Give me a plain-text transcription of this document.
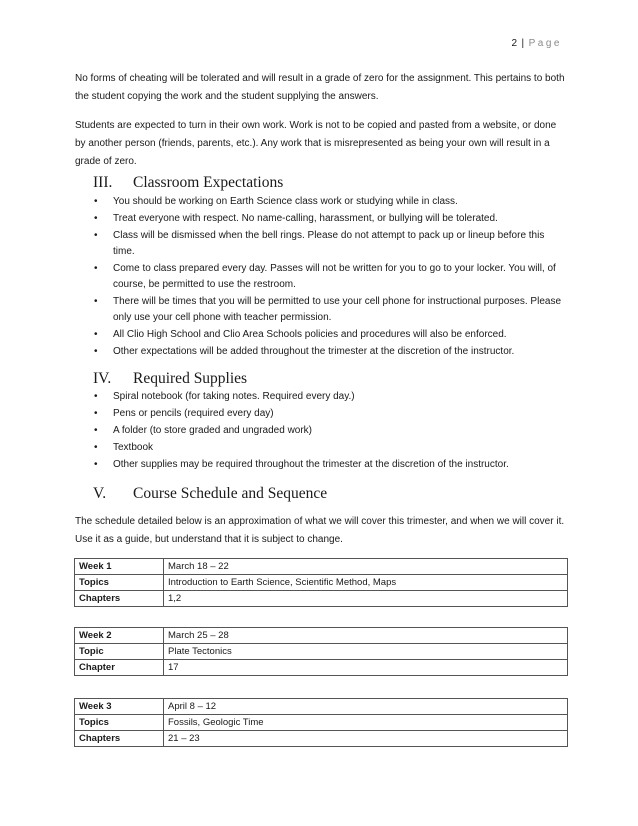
2 | Page

No forms of cheating will be tolerated and will result in a grade of zero for the assignment. This pertains to both the student copying the work and the student supplying the answers.

Students are expected to turn in their own work. Work is not to be copied and pasted from a website, or done by another person (friends, parents, etc.). Any work that is misrepresented as being your own will result in a grade of zero.

III. Classroom Expectations
• You should be working on Earth Science class work or studying while in class.
• Treat everyone with respect. No name-calling, harassment, or bullying will be tolerated.
• Class will be dismissed when the bell rings. Please do not attempt to pack up or lineup before this time.
• Come to class prepared every day. Passes will not be written for you to go to your locker. You will, of course, be permitted to use the restroom.
• There will be times that you will be permitted to use your cell phone for instructional purposes. Please only use your cell phone with teacher permission.
• All Clio High School and Clio Area Schools policies and procedures will also be enforced.
• Other expectations will be added throughout the trimester at the discretion of the instructor.
IV. Required Supplies
• Spiral notebook (for taking notes. Required every day.)
• Pens or pencils (required every day)
• A folder (to store graded and ungraded work)
• Textbook
• Other supplies may be required throughout the trimester at the discretion of the instructor.
V. Course Schedule and Sequence

The schedule detailed below is an approximation of what we will cover this trimester, and when we will cover it. Use it as a guide, but understand that it is subject to change.

Week 1	March 18 – 22
Topics	Introduction to Earth Science, Scientific Method, Maps
Chapters	1,2
Week 2	March 25 – 28
Topic	Plate Tectonics
Chapter	17
Week 3	April 8 – 12
Topics	Fossils, Geologic Time
Chapters	21 – 23
